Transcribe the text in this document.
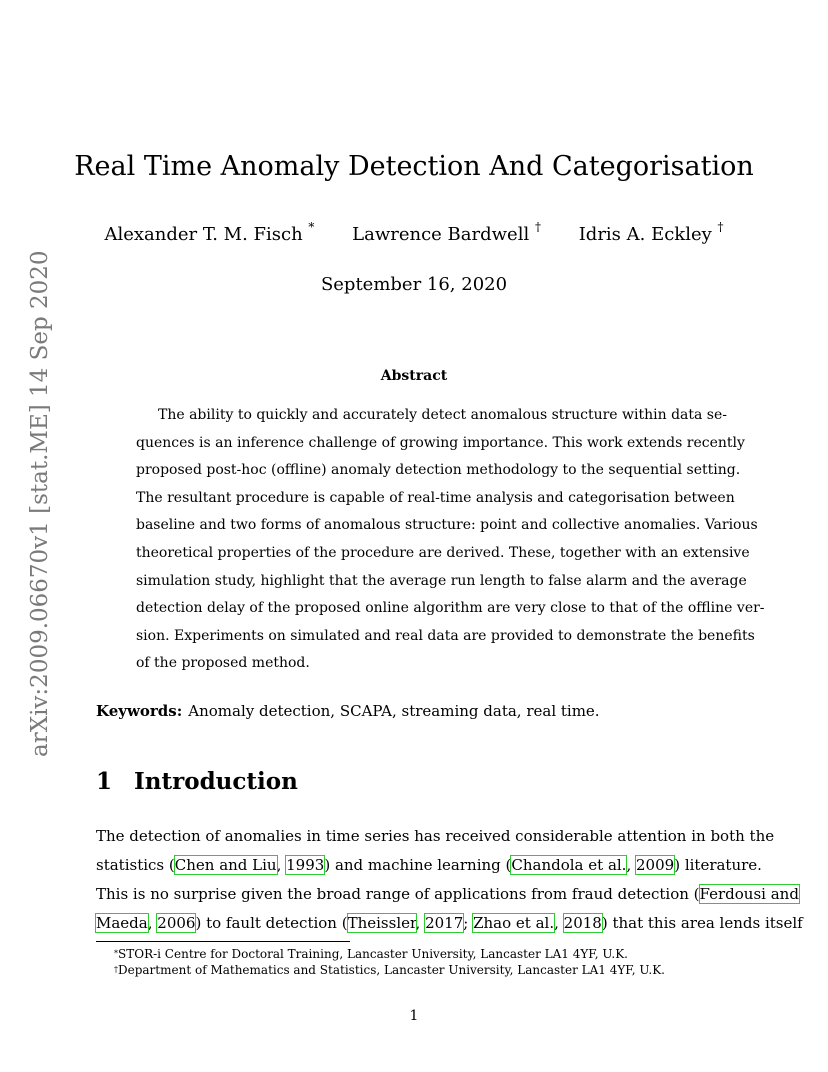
arXiv:2009.06670v1 [stat.ME] 14 Sep 2020
Real Time Anomaly Detection And Categorisation
Alexander T. M. Fisch * Lawrence Bardwell † Idris A. Eckley †
September 16, 2020
Abstract
The ability to quickly and accurately detect anomalous structure within data se-
quences is an inference challenge of growing importance. This work extends recently
proposed post-hoc (offline) anomaly detection methodology to the sequential setting.
The resultant procedure is capable of real-time analysis and categorisation between
baseline and two forms of anomalous structure: point and collective anomalies. Various
theoretical properties of the procedure are derived. These, together with an extensive
simulation study, highlight that the average run length to false alarm and the average
detection delay of the proposed online algorithm are very close to that of the offline ver-
sion. Experiments on simulated and real data are provided to demonstrate the benefits
of the proposed method.
Keywords: Anomaly detection, SCAPA, streaming data, real time.
1 Introduction
The detection of anomalies in time series has received considerable attention in both the
statistics (Chen and Liu, 1993) and machine learning (Chandola et al., 2009) literature.
This is no surprise given the broad range of applications from fraud detection (Ferdousi and
Maeda, 2006) to fault detection (Theissler, 2017; Zhao et al., 2018) that this area lends itself
*STOR-i Centre for Doctoral Training, Lancaster University, Lancaster LA1 4YF, U.K.
†Department of Mathematics and Statistics, Lancaster University, Lancaster LA1 4YF, U.K.
1
